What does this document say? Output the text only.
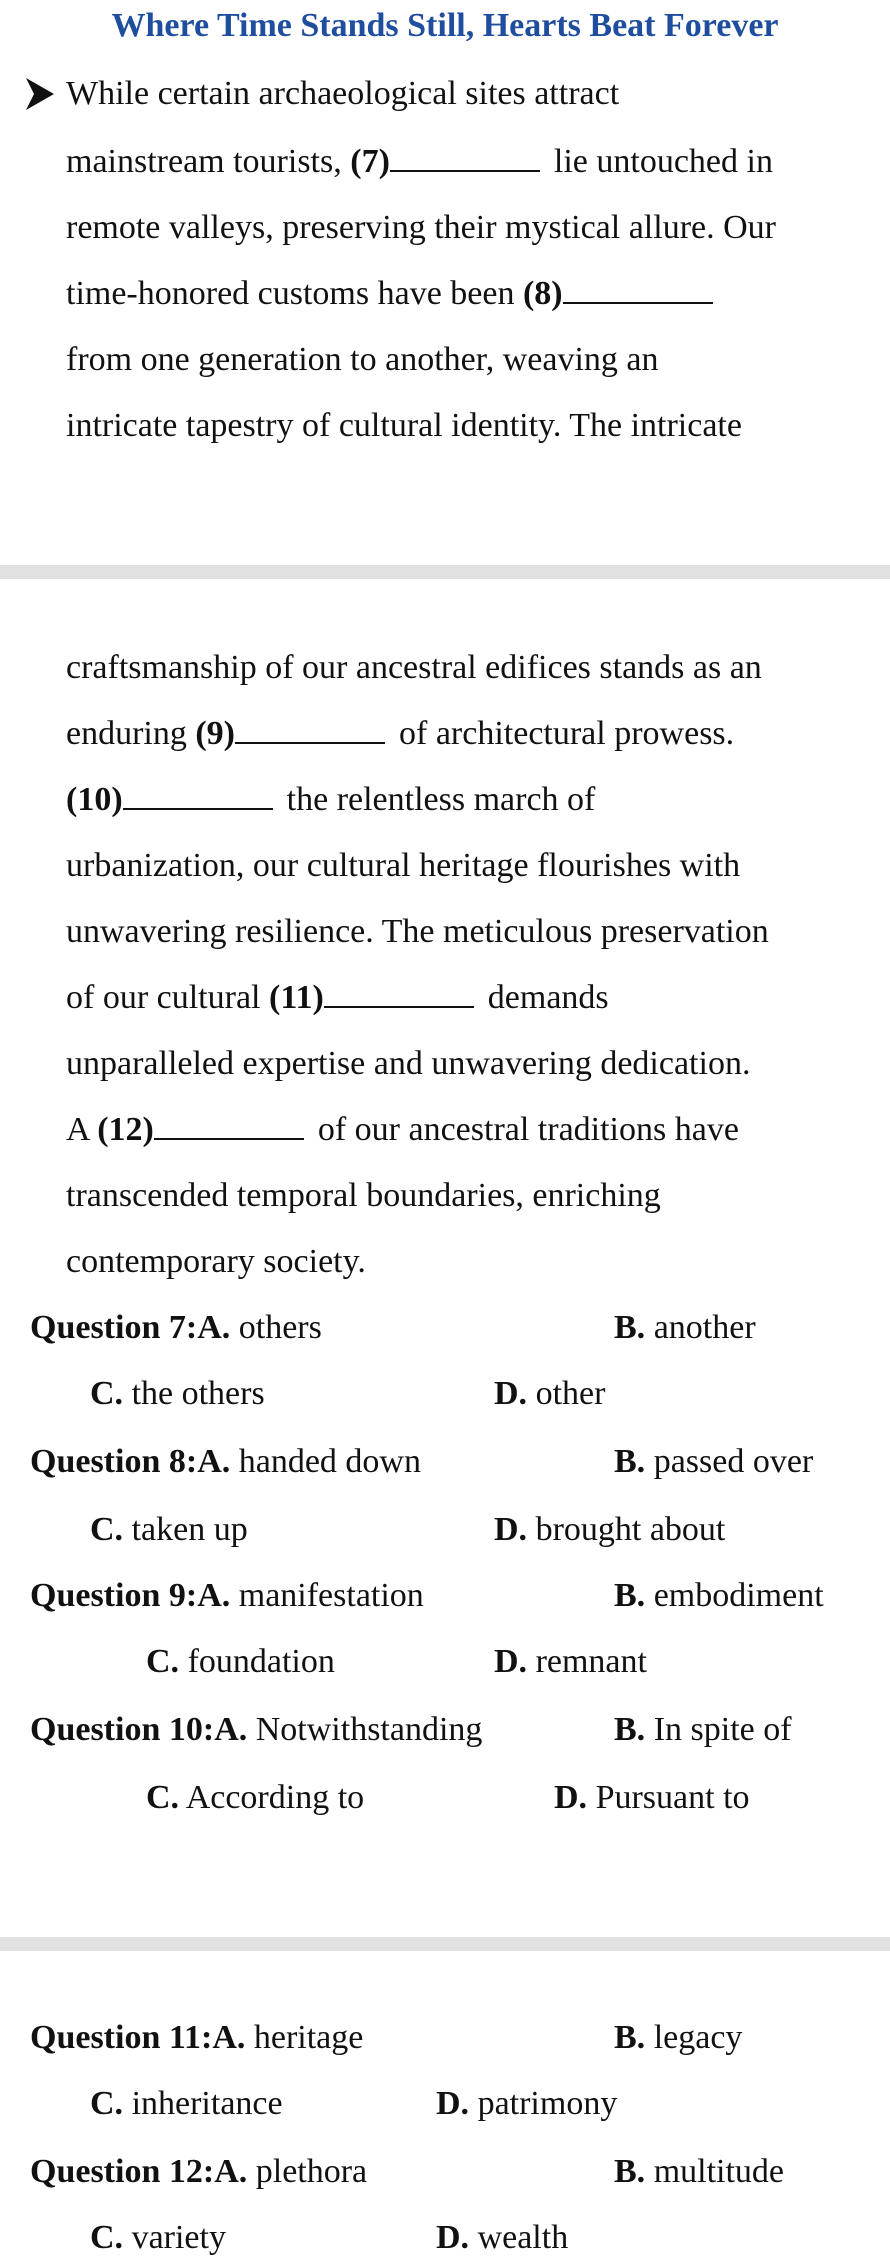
Where Time Stands Still, Hearts Beat Forever
While certain archaeological sites attract
mainstream tourists, (7)	lie untouched in
remote valleys, preserving their mystical allure. Our
time-honored customs have been (8)
from one generation to another, weaving an
intricate tapestry of cultural identity. The intricate
craftsmanship of our ancestral edifices stands as an
enduring (9)	of architectural prowess.
(10)	the relentless march of
urbanization, our cultural heritage flourishes with
unwavering resilience. The meticulous preservation
of our cultural (11)	demands
unparalleled expertise and unwavering dedication.
A (12)	of our ancestral traditions have
transcended temporal boundaries, enriching
contemporary society.
Question 7:A. others	B. another
C. the others	D. other
Question 8:A. handed down	B. passed over
C. taken up	D. brought about
Question 9:A. manifestation	B. embodiment
C. foundation	D. remnant
Question 10:A. Notwithstanding	B. In spite of
C. According to	D. Pursuant to
Question 11:A. heritage	B. legacy
C. inheritance	D. patrimony
Question 12:A. plethora	B. multitude
C. variety	D. wealth
